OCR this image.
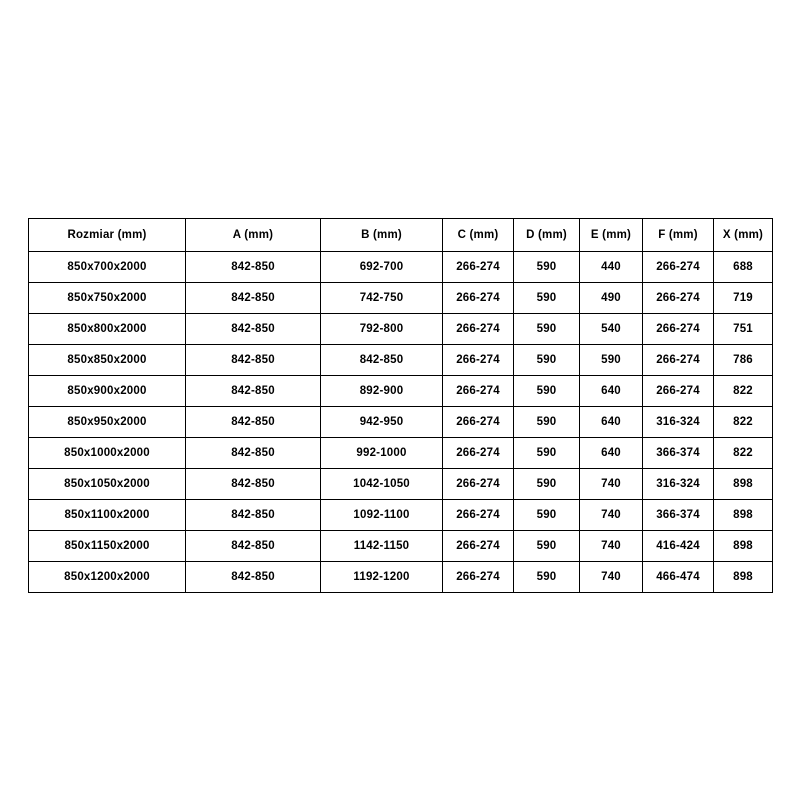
Rozmiar (mm)	A (mm)	B (mm)	C (mm)	D (mm)	E (mm)	F (mm)	X (mm)
850x700x2000	842-850	692-700	266-274	590	440	266-274	688
850x750x2000	842-850	742-750	266-274	590	490	266-274	719
850x800x2000	842-850	792-800	266-274	590	540	266-274	751
850x850x2000	842-850	842-850	266-274	590	590	266-274	786
850x900x2000	842-850	892-900	266-274	590	640	266-274	822
850x950x2000	842-850	942-950	266-274	590	640	316-324	822
850x1000x2000	842-850	992-1000	266-274	590	640	366-374	822
850x1050x2000	842-850	1042-1050	266-274	590	740	316-324	898
850x1100x2000	842-850	1092-1100	266-274	590	740	366-374	898
850x1150x2000	842-850	1142-1150	266-274	590	740	416-424	898
850x1200x2000	842-850	1192-1200	266-274	590	740	466-474	898
